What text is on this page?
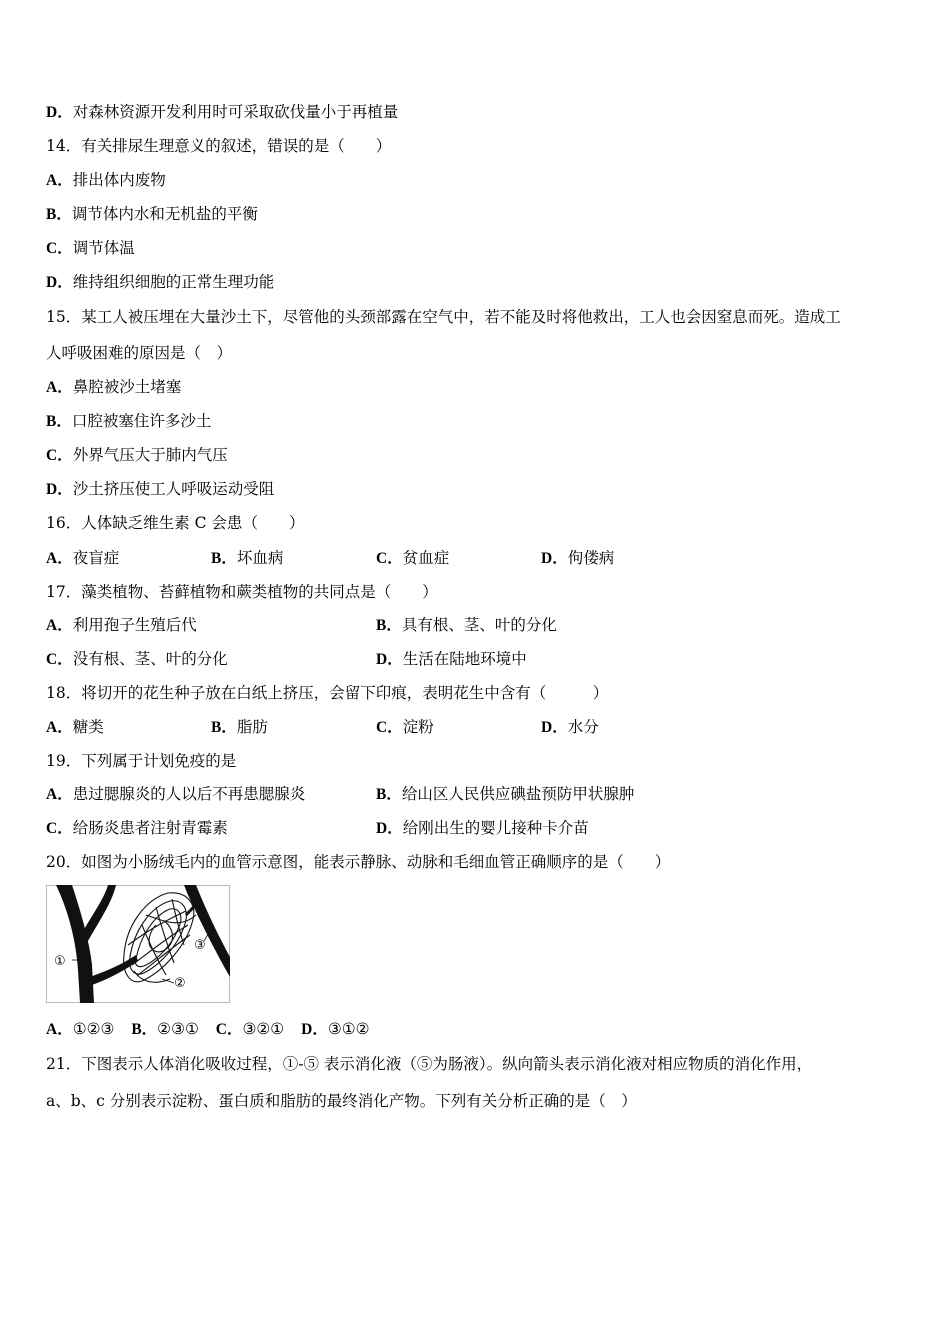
D．对森林资源开发利用时可采取砍伐量小于再植量
14．有关排尿生理意义的叙述，错误的是（　　）
A．排出体内废物
B．调节体内水和无机盐的平衡
C．调节体温
D．维持组织细胞的正常生理功能
15．某工人被压埋在大量沙土下，尽管他的头颈部露在空气中，若不能及时将他救出，工人也会因窒息而死。造成工
人呼吸困难的原因是（　）
A．鼻腔被沙土堵塞
B．口腔被塞住许多沙土
C．外界气压大于肺内气压
D．沙土挤压使工人呼吸运动受阻
16．人体缺乏维生素 C 会患（　　）
A．夜盲症	B．坏血病	C．贫血症	D．佝偻病
17．藻类植物、苔藓植物和蕨类植物的共同点是（　　）
A．利用孢子生殖后代	B．具有根、茎、叶的分化
C．没有根、茎、叶的分化	D．生活在陆地环境中
18．将切开的花生种子放在白纸上挤压，会留下印痕，表明花生中含有（　　　）
A．糖类	B．脂肪	C．淀粉	D．水分
19．下列属于计划免疫的是
A．患过腮腺炎的人以后不再患腮腺炎	B．给山区人民供应碘盐预防甲状腺肿
C．给肠炎患者注射青霉素	D．给刚出生的婴儿接种卡介苗
20．如图为小肠绒毛内的血管示意图，能表示静脉、动脉和毛细血管正确顺序的是（　　）
①
②
③
A．①②③ B．②③① C．③②① D．③①②
21．下图表示人体消化吸收过程，①-⑤ 表示消化液（⑤为肠液）。纵向箭头表示消化液对相应物质的消化作用，
a、b、c 分别表示淀粉、蛋白质和脂肪的最终消化产物。下列有关分析正确的是（　）
